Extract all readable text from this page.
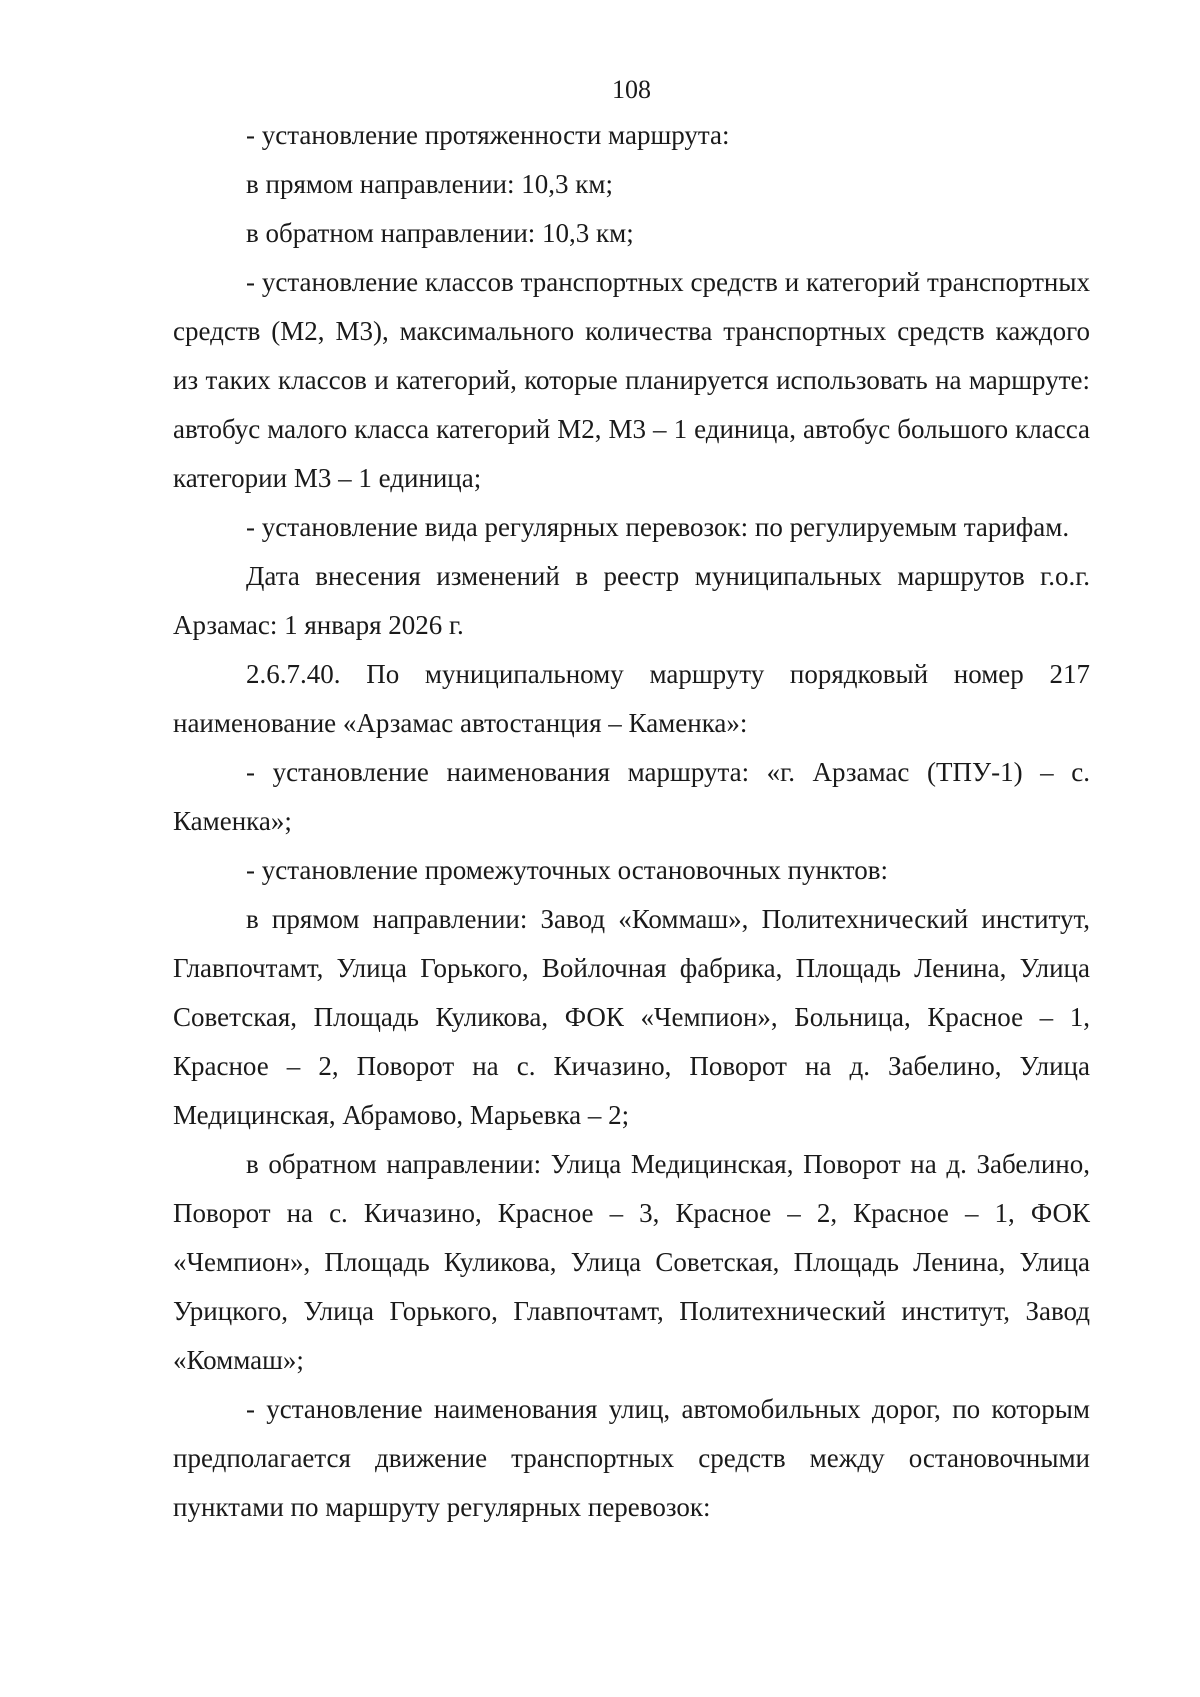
108

- установление протяженности маршрута:

в прямом направлении: 10,3 км;

в обратном направлении: 10,3 км;

- установление классов транспортных средств и категорий транспортных средств (М2, М3), максимального количества транспортных средств каждого из таких классов и категорий, которые планируется использовать на маршруте: автобус малого класса категорий М2, М3 – 1 единица, автобус большого класса категории М3 – 1 единица;

- установление вида регулярных перевозок: по регулируемым тарифам.

Дата внесения изменений в реестр муниципальных маршрутов г.о.г. Арзамас: 1 января 2026 г.

2.6.7.40. По муниципальному маршруту порядковый номер 217 наименование «Арзамас автостанция – Каменка»:

- установление наименования маршрута: «г. Арзамас (ТПУ-1) – с. Каменка»;

- установление промежуточных остановочных пунктов:

в прямом направлении: Завод «Коммаш», Политехнический институт, Главпочтамт, Улица Горького, Войлочная фабрика, Площадь Ленина, Улица Советская, Площадь Куликова, ФОК «Чемпион», Больница, Красное – 1, Красное – 2, Поворот на с. Кичазино, Поворот на д. Забелино, Улица Медицинская, Абрамово, Марьевка – 2;

в обратном направлении: Улица Медицинская, Поворот на д. Забелино, Поворот на с. Кичазино, Красное – 3, Красное – 2, Красное – 1, ФОК «Чемпион», Площадь Куликова, Улица Советская, Площадь Ленина, Улица Урицкого, Улица Горького, Главпочтамт, Политехнический институт, Завод «Коммаш»;

- установление наименования улиц, автомобильных дорог, по которым предполагается движение транспортных средств между остановочными пунктами по маршруту регулярных перевозок:
